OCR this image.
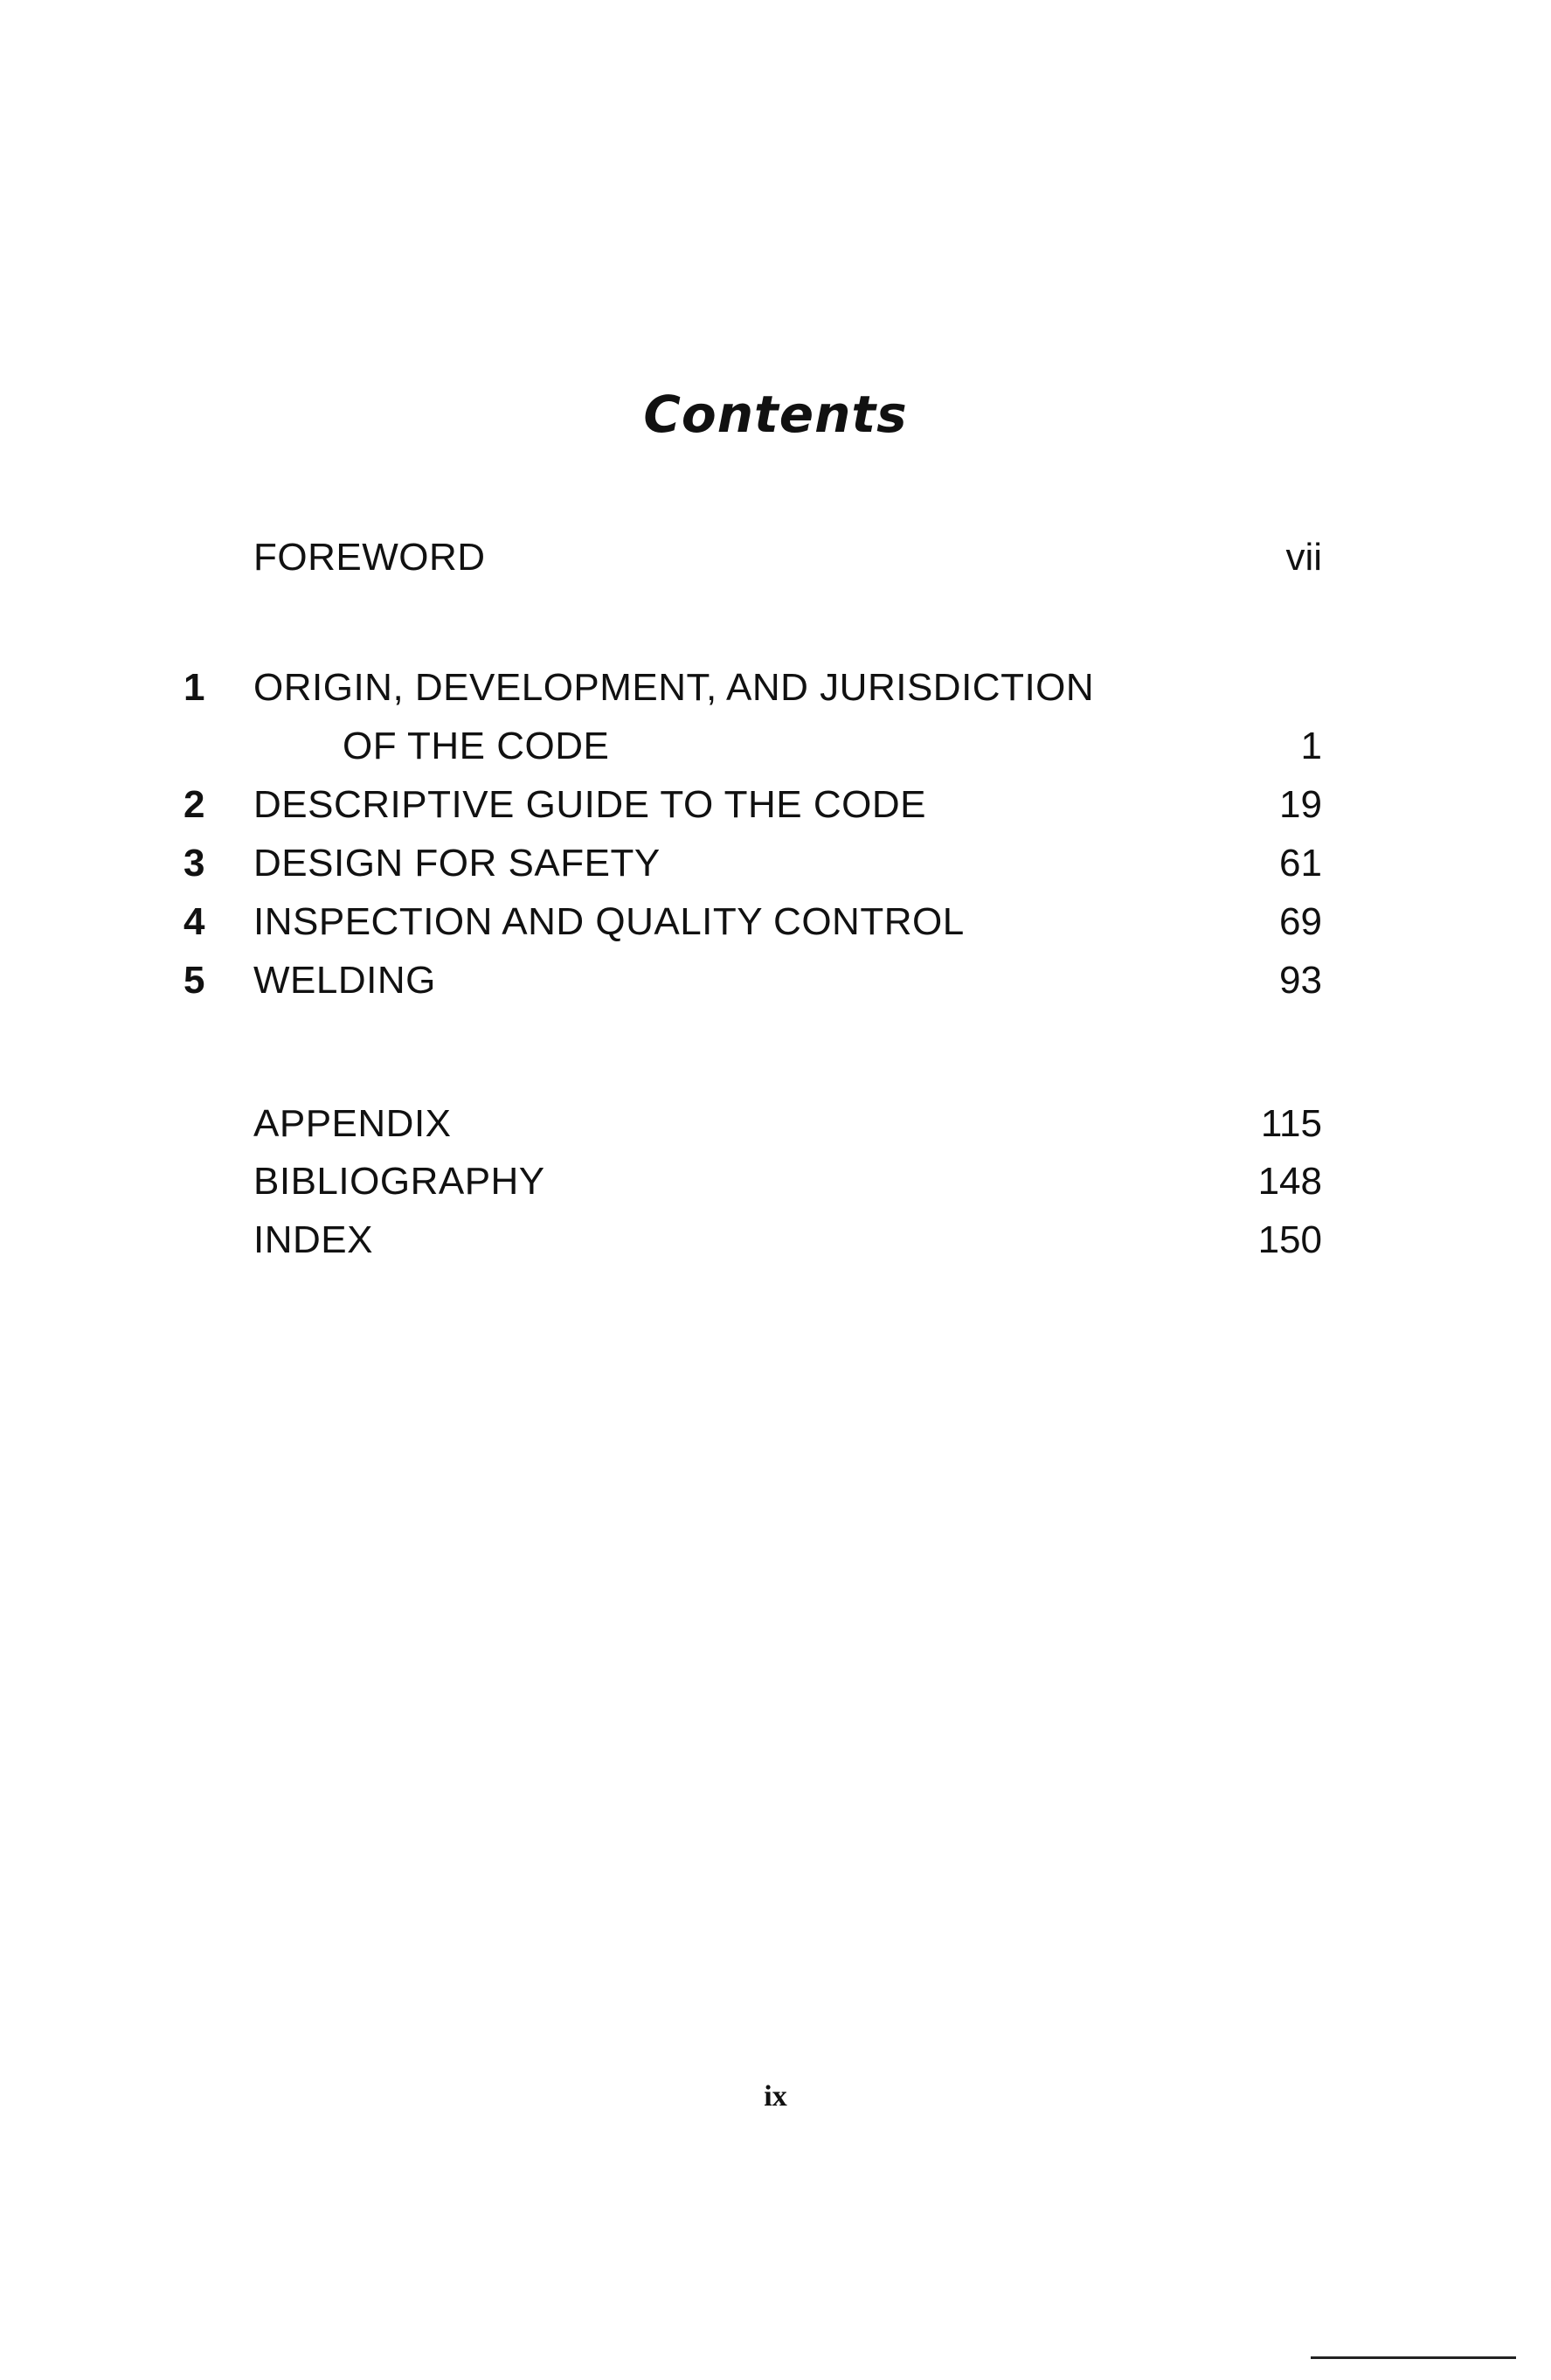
Contents
FOREWORD	vii
1 ORIGIN, DEVELOPMENT, AND JURISDICTION
OF THE CODE	1
2 DESCRIPTIVE GUIDE TO THE CODE	19
3 DESIGN FOR SAFETY	61
4 INSPECTION AND QUALITY CONTROL	69
5 WELDING	93
APPENDIX	115
BIBLIOGRAPHY	148
INDEX	150
ix
